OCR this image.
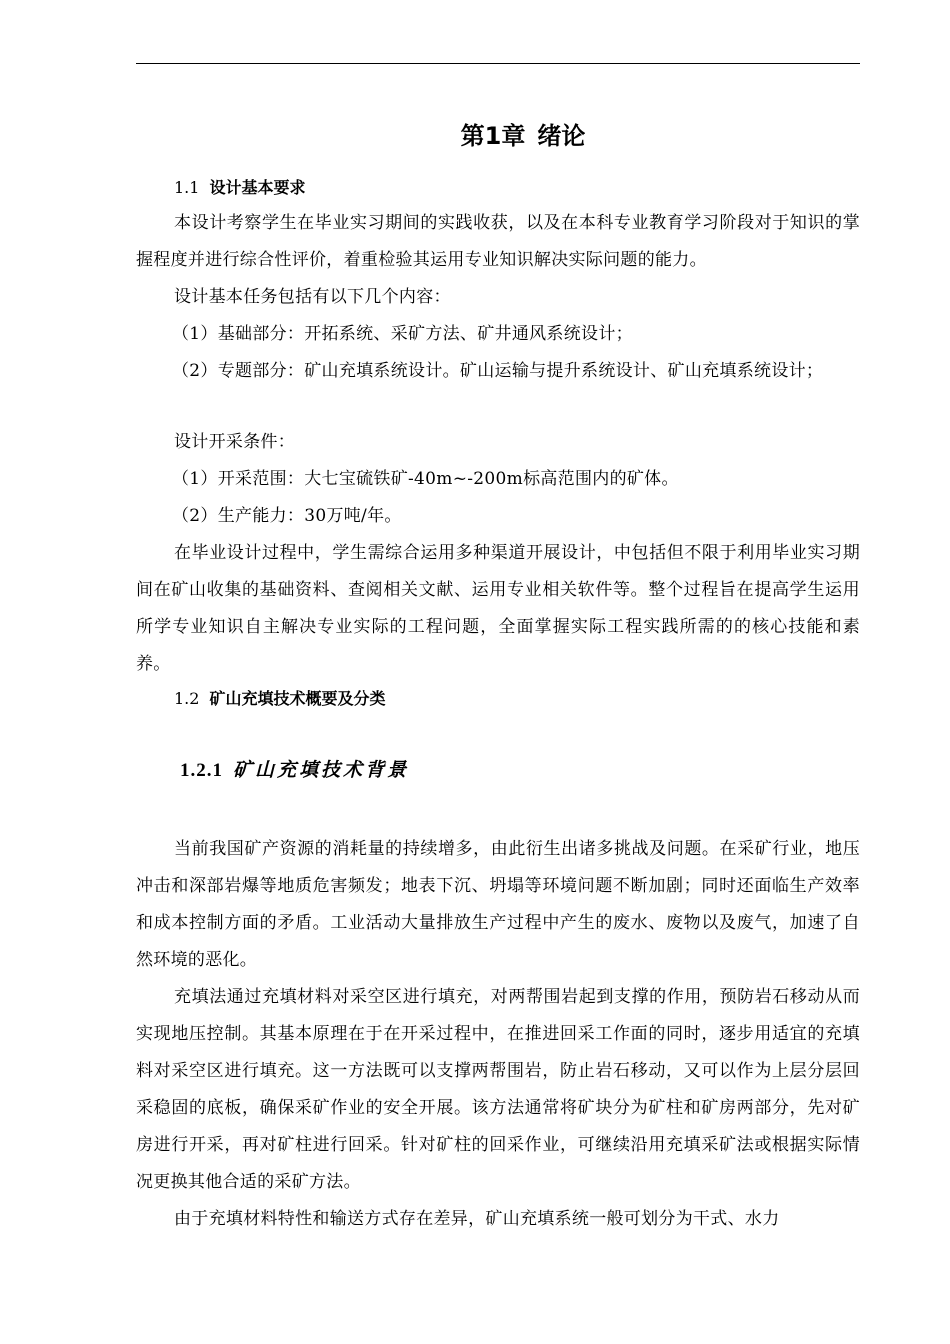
第1章 绪论
1.1 设计基本要求

本设计考察学生在毕业实习期间的实践收获，以及在本科专业教育学习阶段对于知识的掌握程度并进行综合性评价，着重检验其运用专业知识解决实际问题的能力。

设计基本任务包括有以下几个内容：

（1）基础部分：开拓系统、采矿方法、矿井通风系统设计；

（2）专题部分：矿山充填系统设计。矿山运输与提升系统设计、矿山充填系统设计；

设计开采条件：

（1）开采范围：大七宝硫铁矿-40m~-200m标高范围内的矿体。

（2）生产能力：30万吨/年。

在毕业设计过程中，学生需综合运用多种渠道开展设计，中包括但不限于利用毕业实习期间在矿山收集的基础资料、查阅相关文献、运用专业相关软件等。整个过程旨在提高学生运用所学专业知识自主解决专业实际的工程问题，全面掌握实际工程实践所需的的核心技能和素养。

1.2 矿山充填技术概要及分类
1.2.1 矿山充填技术背景

当前我国矿产资源的消耗量的持续增多，由此衍生出诸多挑战及问题。在采矿行业，地压冲击和深部岩爆等地质危害频发；地表下沉、坍塌等环境问题不断加剧；同时还面临生产效率和成本控制方面的矛盾。工业活动大量排放生产过程中产生的废水、废物以及废气，加速了自然环境的恶化。

充填法通过充填材料对采空区进行填充，对两帮围岩起到支撑的作用，预防岩石移动从而实现地压控制。其基本原理在于在开采过程中，在推进回采工作面的同时，逐步用适宜的充填料对采空区进行填充。这一方法既可以支撑两帮围岩，防止岩石移动，又可以作为上层分层回采稳固的底板，确保采矿作业的安全开展。该方法通常将矿块分为矿柱和矿房两部分，先对矿房进行开采，再对矿柱进行回采。针对矿柱的回采作业，可继续沿用充填采矿法或根据实际情况更换其他合适的采矿方法。

由于充填材料特性和输送方式存在差异，矿山充填系统一般可划分为干式、水力
